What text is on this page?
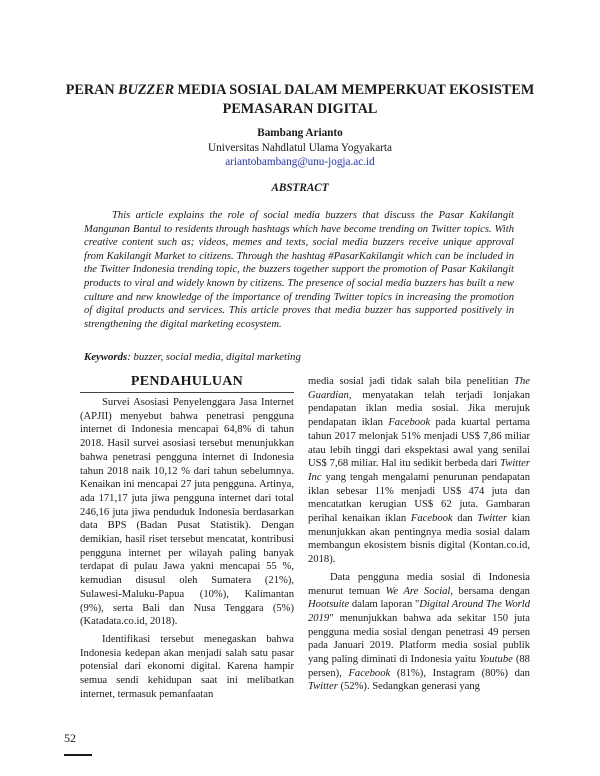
PERAN BUZZER MEDIA SOSIAL DALAM MEMPERKUAT EKOSISTEM
PEMASARAN DIGITAL
Bambang Arianto
Universitas Nahdlatul Ulama Yogyakarta
ariantobambang@unu-jogja.ac.id
ABSTRACT

This article explains the role of social media buzzers that discuss the Pasar Kakilangit Mangunan Bantul to residents through hashtags which have become trending on Twitter topics. With creative content such as; videos, memes and texts, social media buzzers receive unique approval from Kakilangit Market to citizens. Through the hashtag #PasarKakilangit which can be included in the Twitter Indonesia trending topic, the buzzers together support the promotion of Pasar Kakilangit products to viral and widely known by citizens. The presence of social media buzzers has built a new culture and new knowledge of the importance of trending Twitter topics in increasing the promotion of digital products and services. This article proves that media buzzer has supported positively in strengthening the digital marketing ecosystem.

Keywords: buzzer, social media, digital marketing
PENDAHULUAN

Survei Asosiasi Penyelenggara Jasa Internet (APJII) menyebut bahwa penetrasi pengguna internet di Indonesia mencapai 64,8% di tahun 2018. Hasil survei asosiasi tersebut menunjukkan bahwa penetrasi pengguna internet di Indonesia tahun 2018 naik 10,12 % dari tahun sebelumnya. Kenaikan ini mencapai 27 juta pengguna. Artinya, ada 171,17 juta jiwa pengguna internet dari total 246,16 juta jiwa penduduk Indonesia berdasarkan data BPS (Badan Pusat Statistik). Dengan demikian, hasil riset tersebut mencatat, kontribusi pengguna internet per wilayah paling banyak terdapat di pulau Jawa yakni mencapai 55 %, kemudian disusul oleh Sumatera (21%), Sulawesi-Maluku-Papua (10%), Kalimantan (9%), serta Bali dan Nusa Tenggara (5%) (Katadata.co.id, 2018).

Identifikasi tersebut menegaskan bahwa Indonesia kedepan akan menjadi salah satu pasar potensial dari ekonomi digital. Karena hampir semua sendi kehidupan saat ini melibatkan internet, termasuk pemanfaatan

media sosial jadi tidak salah bila penelitian The Guardian, menyatakan telah terjadi lonjakan pendapatan iklan media sosial. Jika merujuk pendapatan iklan Facebook pada kuartal pertama tahun 2017 melonjak 51% menjadi US$ 7,86 miliar atau lebih tinggi dari ekspektasi awal yang senilai US$ 7,68 miliar. Hal itu sedikit berbeda dari Twitter Inc yang tengah mengalami penurunan pendapatan iklan sebesar 11% menjadi US$ 474 juta dan mencatatkan kerugian US$ 62 juta. Gambaran perihal kenaikan iklan Facebook dan Twitter kian menunjukkan akan pentingnya media sosial dalam membangun ekosistem bisnis digital (Kontan.co.id, 2018).

Data pengguna media sosial di Indonesia menurut temuan We Are Social, bersama dengan Hootsuite dalam laporan "Digital Around The World 2019" menunjukkan bahwa ada sekitar 150 juta pengguna media sosial dengan penetrasi 49 persen pada Januari 2019. Platform media sosial publik yang paling diminati di Indonesia yaitu Youtube (88 persen), Facebook (81%), Instagram (80%) dan Twitter (52%). Sedangkan generasi yang

52
